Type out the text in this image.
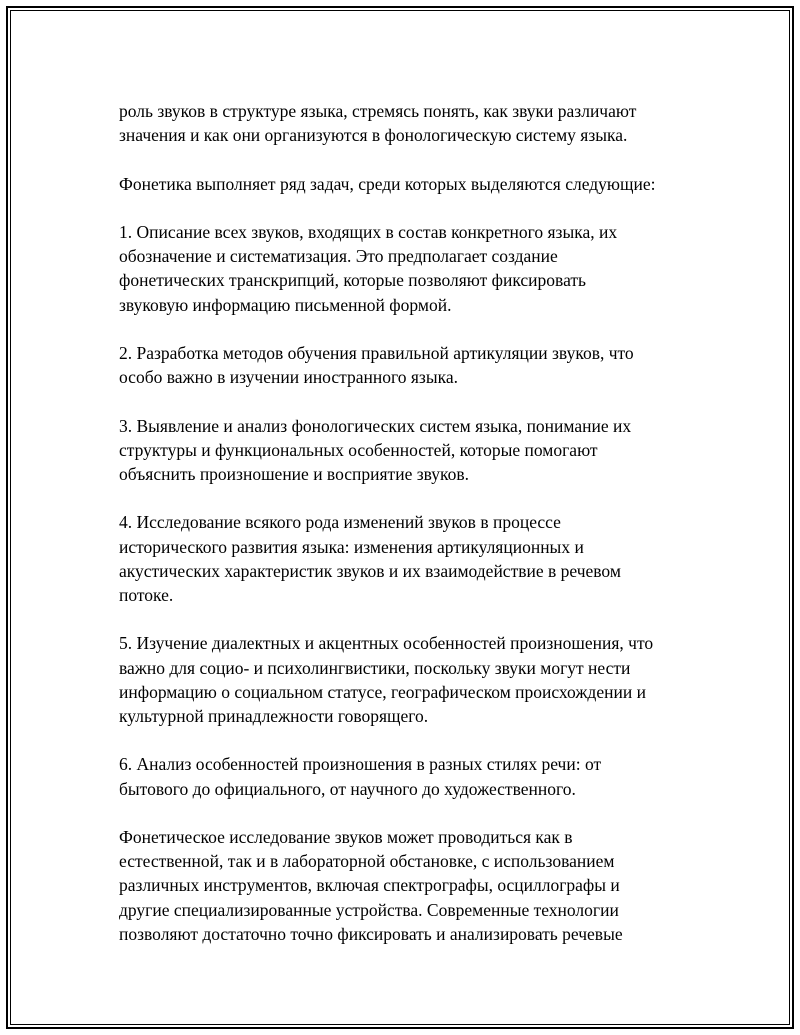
роль звуков в структуре языка, стремясь понять, как звуки различают
значения и как они организуются в фонологическую систему языка.

Фонетика выполняет ряд задач, среди которых выделяются следующие:

1. Описание всех звуков, входящих в состав конкретного языка, их
обозначение и систематизация. Это предполагает создание
фонетических транскрипций, которые позволяют фиксировать
звуковую информацию письменной формой.

2. Разработка методов обучения правильной артикуляции звуков, что
особо важно в изучении иностранного языка.

3. Выявление и анализ фонологических систем языка, понимание их
структуры и функциональных особенностей, которые помогают
объяснить произношение и восприятие звуков.

4. Исследование всякого рода изменений звуков в процессе
исторического развития языка: изменения артикуляционных и
акустических характеристик звуков и их взаимодействие в речевом
потоке.

5. Изучение диалектных и акцентных особенностей произношения, что
важно для социо- и психолингвистики, поскольку звуки могут нести
информацию о социальном статусе, географическом происхождении и
культурной принадлежности говорящего.

6. Анализ особенностей произношения в разных стилях речи: от
бытового до официального, от научного до художественного.

Фонетическое исследование звуков может проводиться как в
естественной, так и в лабораторной обстановке, с использованием
различных инструментов, включая спектрографы, осциллографы и
другие специализированные устройства. Современные технологии
позволяют достаточно точно фиксировать и анализировать речевые
